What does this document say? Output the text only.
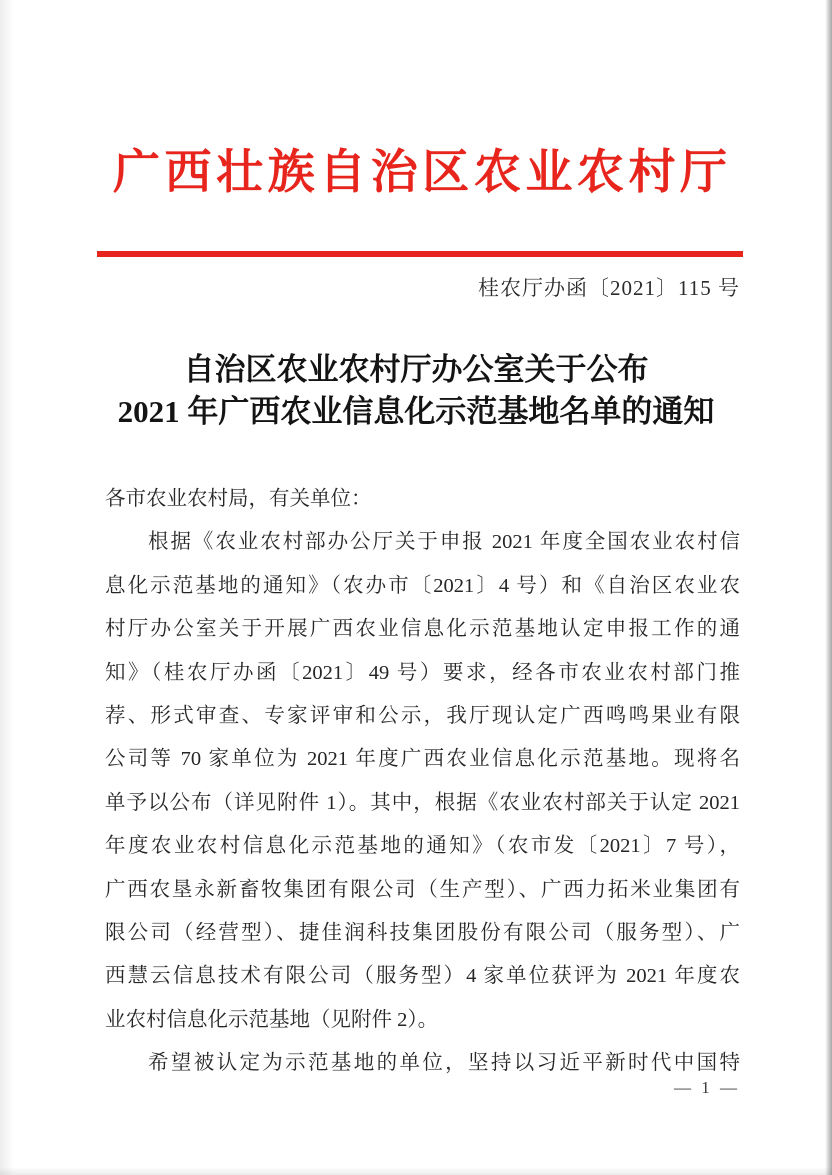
广西壮族自治区农业农村厅
桂农厅办函〔2021〕115 号
自治区农业农村厅办公室关于公布
2021 年广西农业信息化示范基地名单的通知
各市农业农村局，有关单位：
根据《农业农村部办公厅关于申报 2021 年度全国农业农村信
息化示范基地的通知》（农办市〔2021〕4 号）和《自治区农业农
村厅办公室关于开展广西农业信息化示范基地认定申报工作的通
知》（桂农厅办函〔2021〕49 号）要求，经各市农业农村部门推
荐、形式审查、专家评审和公示，我厅现认定广西鸣鸣果业有限
公司等 70 家单位为 2021 年度广西农业信息化示范基地。现将名
单予以公布（详见附件 1）。其中，根据《农业农村部关于认定 2021
年度农业农村信息化示范基地的通知》（农市发〔2021〕7 号），
广西农垦永新畜牧集团有限公司（生产型）、广西力拓米业集团有
限公司（经营型）、捷佳润科技集团股份有限公司（服务型）、广
西慧云信息技术有限公司（服务型）4 家单位获评为 2021 年度农
业农村信息化示范基地（见附件 2）。
希望被认定为示范基地的单位，坚持以习近平新时代中国特
— 1 —
